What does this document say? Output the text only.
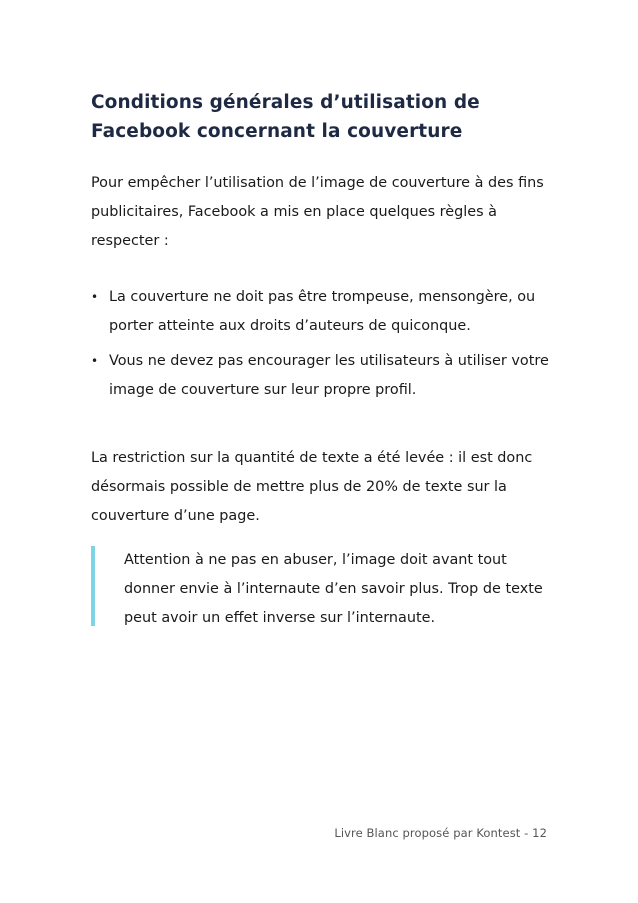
Conditions générales d’utilisation de
Facebook concernant la couverture

Pour empêcher l’utilisation de l’image de couverture à des fins publicitaires, Facebook a mis en place quelques règles à respecter :

• La couverture ne doit pas être trompeuse, mensongère, ou porter atteinte aux droits d’auteurs de quiconque.
• Vous ne devez pas encourager les utilisateurs à utiliser votre image de couverture sur leur propre profil.

La restriction sur la quantité de texte a été levée : il est donc désormais possible de mettre plus de 20% de texte sur la couverture d’une page.

Attention à ne pas en abuser, l’image doit avant tout donner envie à l’internaute d’en savoir plus. Trop de texte peut avoir un effet inverse sur l’internaute.
Livre Blanc proposé par Kontest - 12
